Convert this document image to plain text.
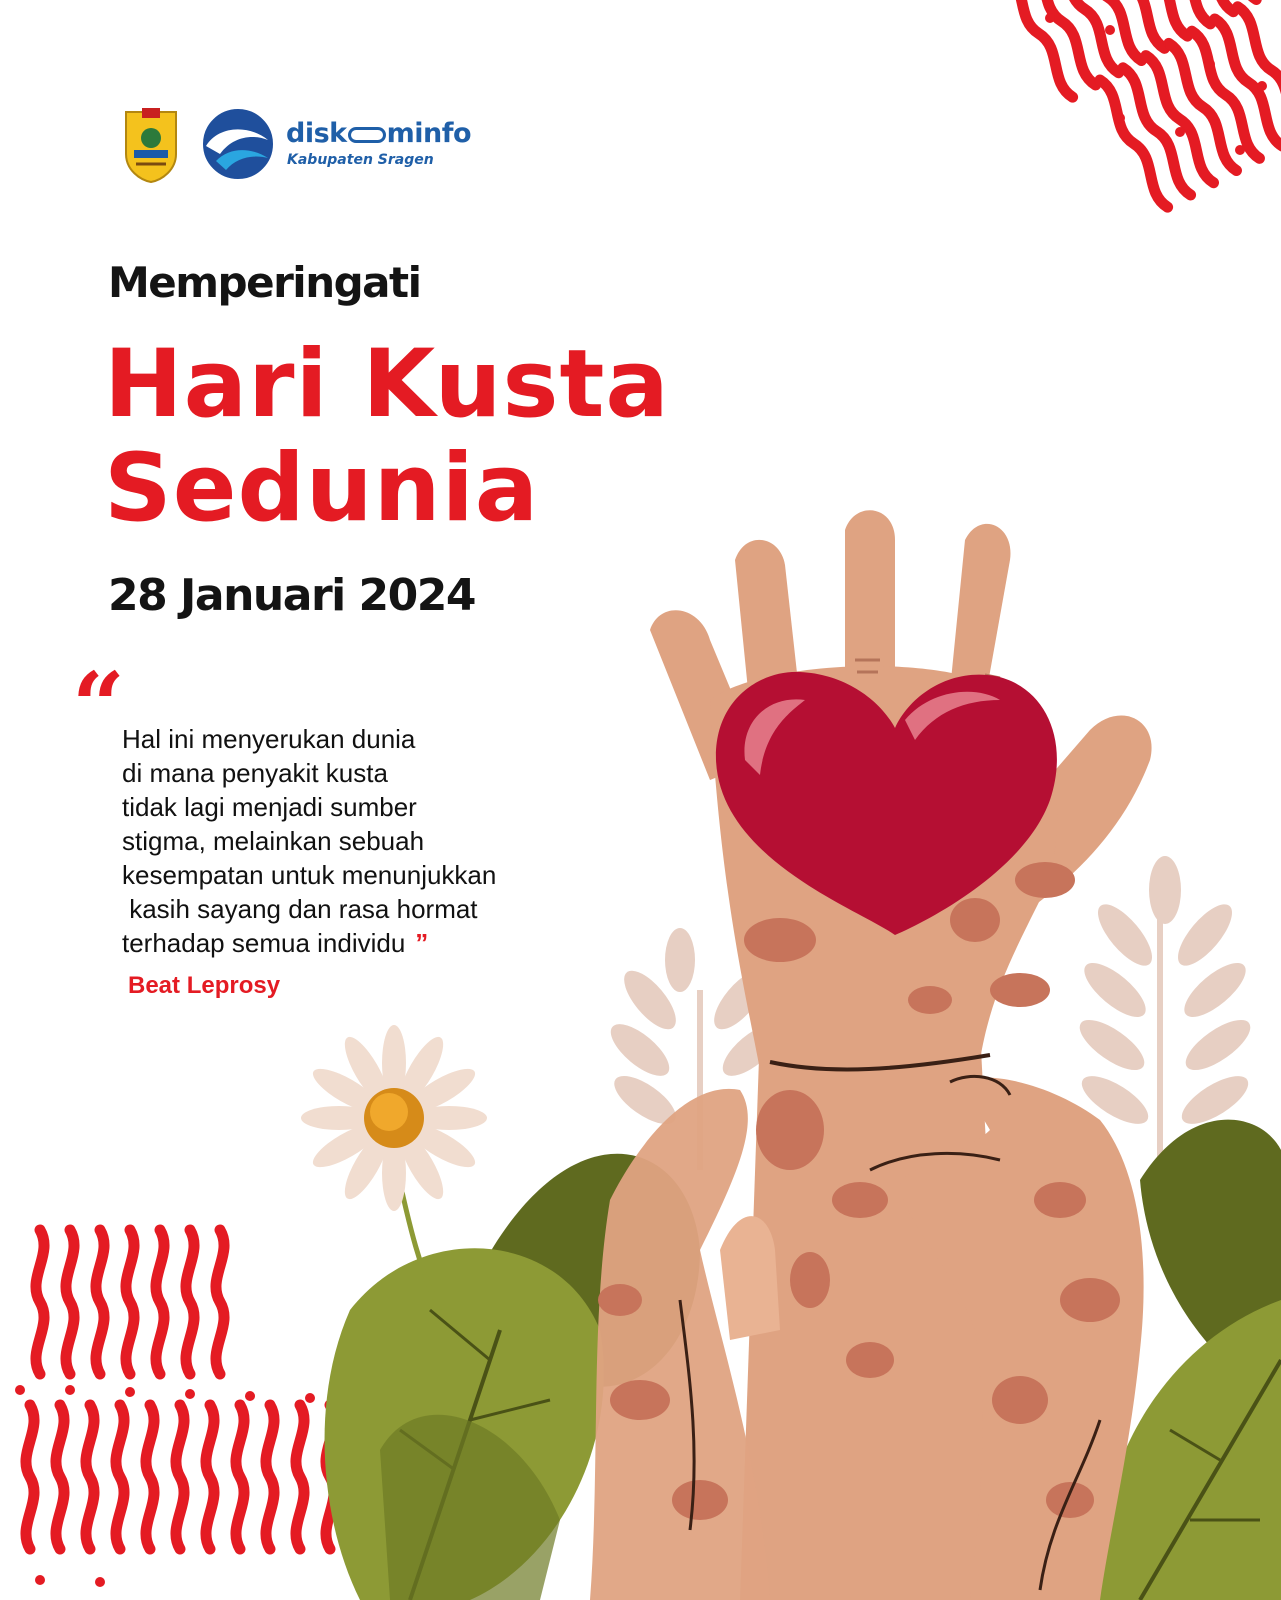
disk minfo
Kabupaten Sragen
Memperingati
Hari Kusta
Sedunia
28 Januari 2024
“
Hal ini menyerukan dunia
di mana penyakit kusta
tidak lagi menjadi sumber
stigma, melainkan sebuah
kesempatan untuk menunjukkan
kasih sayang dan rasa hormat
terhadap semua individu ”
Beat Leprosy
